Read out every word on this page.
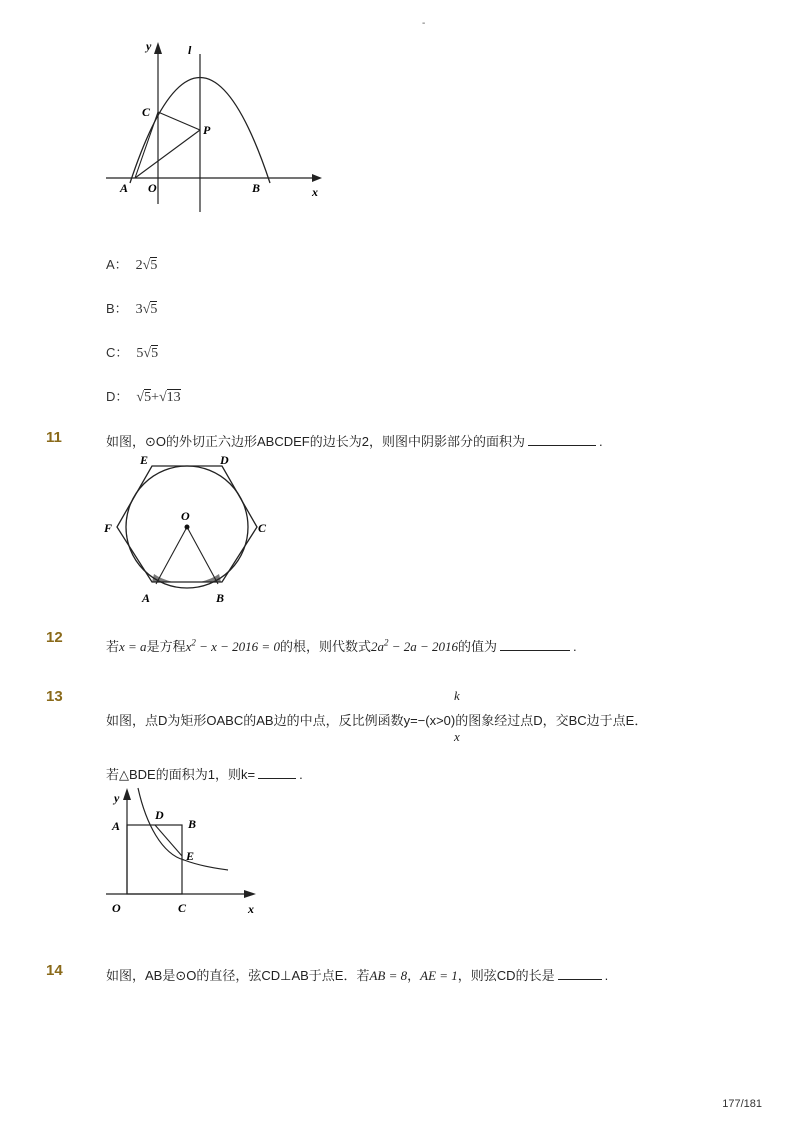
-
y	l
C
P
A O	B	x
A： 2√5
B： 3√5
C： 5√5
D： √5+√13
11	如图，⊙O的外切正六边形ABCDEF的边长为2，则图中阴影部分的面积为	.
E	D
F	C
O
A	B
12
若x = a是方程$x^2 - x - 2016 = 0$的根，则代数式$2a^2 - 2a - 2016$的值为	.
13	k
x
如图，点D为矩形OABC的AB边的中点，反比例函数y=−(x>0)的图象经过点D，交BC边于点E．
若△BDE的面积为1，则k=	.
y
A
D
B
E
O	C	x
14	如图，AB是⊙O的直径，弦CD⊥AB于点E．若AB = 8，AE = 1，则弦CD的长是	.
177/181
